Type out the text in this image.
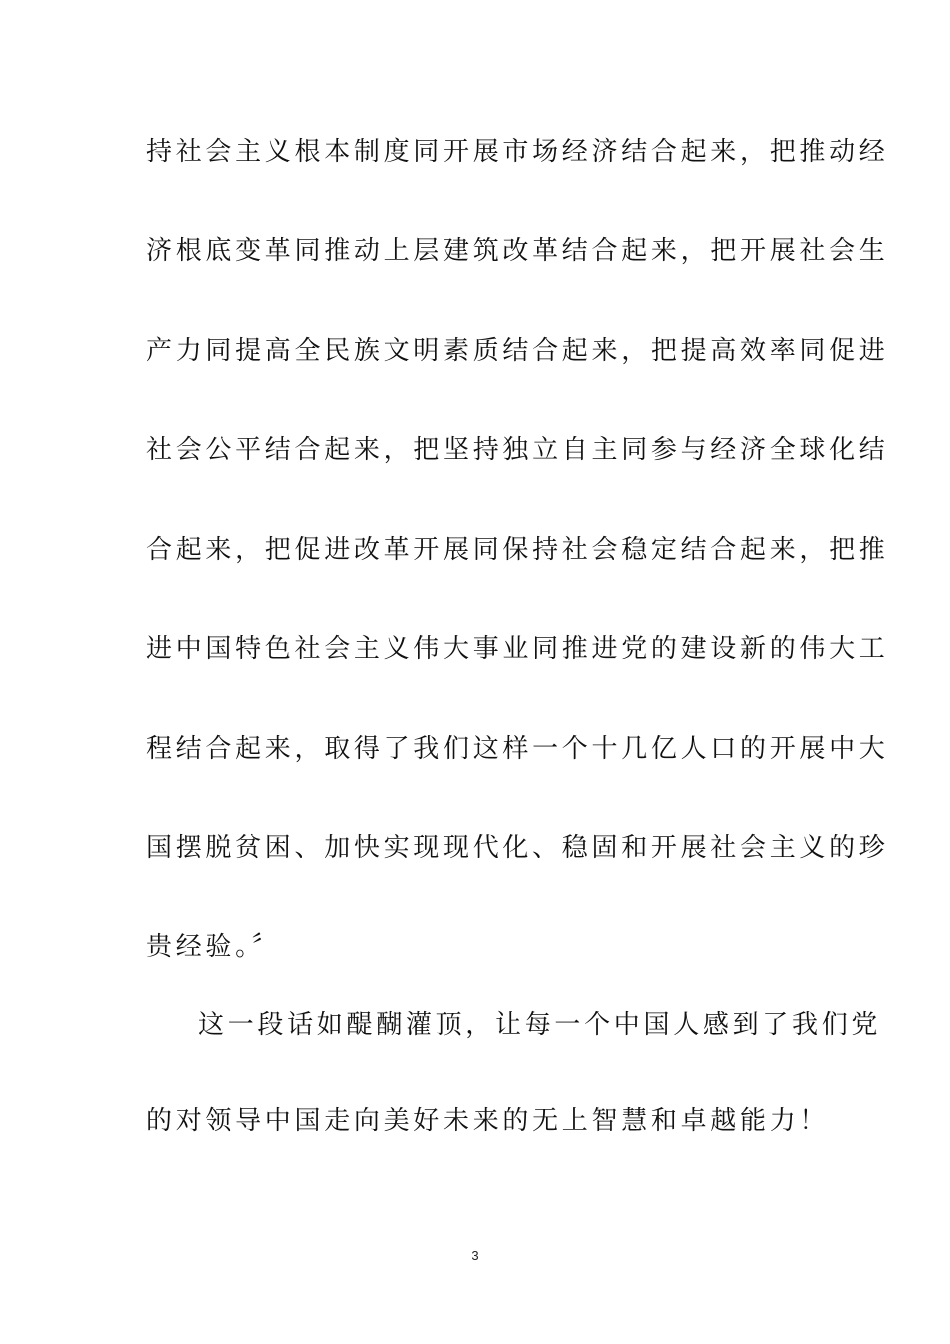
持社会主义根本制度同开展市场经济结合起来，把推动经
济根底变革同推动上层建筑改革结合起来，把开展社会生
产力同提高全民族文明素质结合起来，把提高效率同促进
社会公平结合起来，把坚持独立自主同参与经济全球化结
合起来，把促进改革开展同保持社会稳定结合起来，把推
进中国特色社会主义伟大事业同推进党的建设新的伟大工
程结合起来，取得了我们这样一个十几亿人口的开展中大
国摆脱贫困、加快实现现代化、稳固和开展社会主义的珍
贵经验。〞
这一段话如醍醐灌顶，让每一个中国人感到了我们党
的对领导中国走向美好未来的无上智慧和卓越能力！
3
